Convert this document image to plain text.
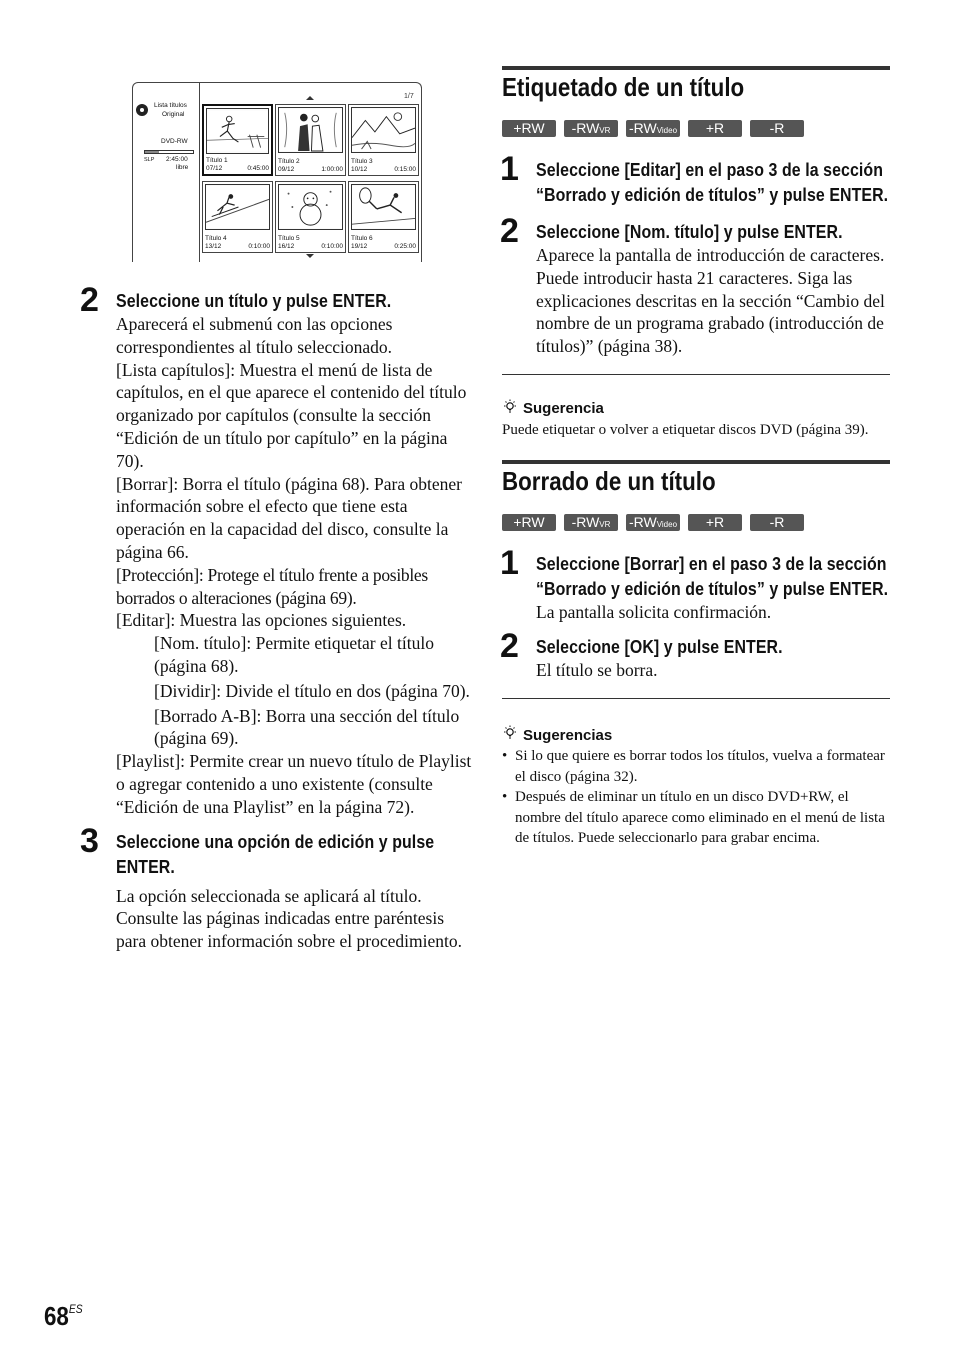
Lista títulos
Original
DVD-RW
SLP 2:45:00
libre
1/7
Título 1
07/12	0:45:00
Título 2
09/12	1:00:00
Título 3
10/12	0:15:00
Título 4
13/12	0:10:00
Título 5
16/12	0:10:00
Título 6
19/12	0:25:00
2 Seleccione un título y pulse ENTER.
Aparecerá el submenú con las opciones correspondientes al título seleccionado.
[Lista capítulos]: Muestra el menú de lista de capítulos, en el que aparece el contenido del título organizado por capítulos (consulte la sección “Edición de un título por capítulo” en la página 70).
[Borrar]: Borra el título (página 68). Para obtener información sobre el efecto que tiene esta operación en la capacidad del disco, consulte la página 66.
[Protección]: Protege el título frente a posibles borrados o alteraciones (página 69).
[Editar]: Muestra las opciones siguientes.
[Nom. título]: Permite etiquetar el título (página 68).
[Dividir]: Divide el título en dos (página 70).
[Borrado A-B]: Borra una sección del título (página 69).
[Playlist]: Permite crear un nuevo título de Playlist o agregar contenido a uno existente (consulte “Edición de una Playlist” en la página 72).
3 Seleccione una opción de edición y pulse ENTER.
La opción seleccionada se aplicará al título. Consulte las páginas indicadas entre paréntesis para obtener información sobre el procedimiento.
Etiquetado de un título
+RW	-RWVR	-RWVideo	+R	-R
1 Seleccione [Editar] en el paso 3 de la sección “Borrado y edición de títulos” y pulse ENTER.
2 Seleccione [Nom. título] y pulse ENTER.
Aparece la pantalla de introducción de caracteres. Puede introducir hasta 21 caracteres. Siga las explicaciones descritas en la sección “Cambio del nombre de un programa grabado (introducción de títulos)” (página 38).
Sugerencia
Puede etiquetar o volver a etiquetar discos DVD (página 39).
Borrado de un título
+RW	-RWVR	-RWVideo	+R	-R
1 Seleccione [Borrar] en el paso 3 de la sección “Borrado y edición de títulos” y pulse ENTER.
La pantalla solicita confirmación.
2 Seleccione [OK] y pulse ENTER.
El título se borra.
Sugerencias
• Si lo que quiere es borrar todos los títulos, vuelva a formatear el disco (página 32).
• Después de eliminar un título en un disco DVD+RW, el nombre del título aparece como eliminado en el menú de lista de títulos. Puede seleccionarlo para grabar encima.
$68^{ES}$
